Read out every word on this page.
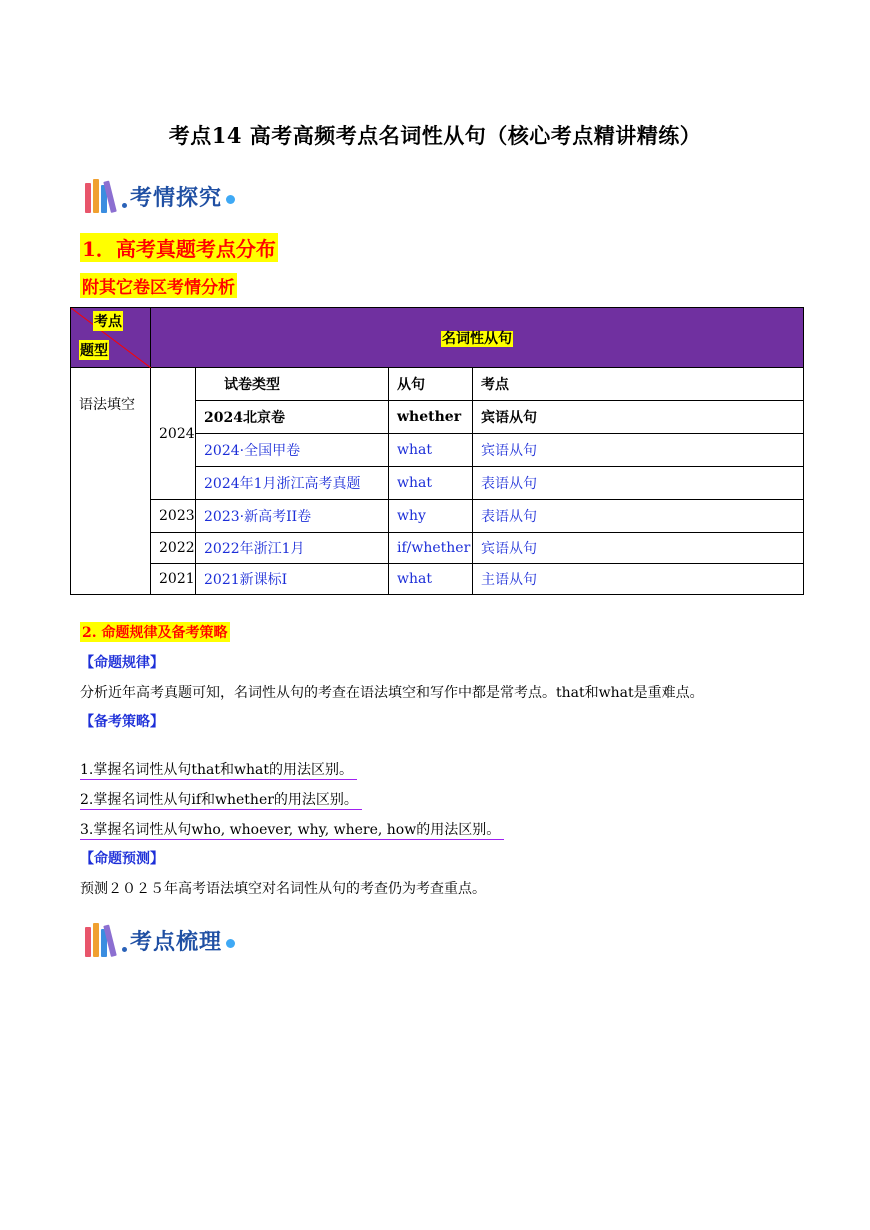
考点14 高考高频考点名词性从句（核心考点精讲精练）
考情探究
1．高考真题考点分布
附其它卷区考情分析
考点
题型	名词性从句			
语法填空	2024	试卷类型	从句	考点
		2024北京卷	whether	宾语从句
		2024·全国甲卷	what	宾语从句
		2024年1月浙江高考真题	what	表语从句
	2023	2023·新高考II卷	why	表语从句
	2022	2022年浙江1月	if/whether	宾语从句
	2021	2021新课标I	what	主语从句
2. 命题规律及备考策略
【命题规律】
分析近年高考真题可知，名词性从句的考查在语法填空和写作中都是常考点。that和what是重难点。
【备考策略】
1.掌握名词性从句that和what的用法区别。
2.掌握名词性从句if和whether的用法区别。
3.掌握名词性从句who, whoever, why, where, how的用法区别。
【命题预测】
预测２０２５年高考语法填空对名词性从句的考查仍为考查重点。
考点梳理
